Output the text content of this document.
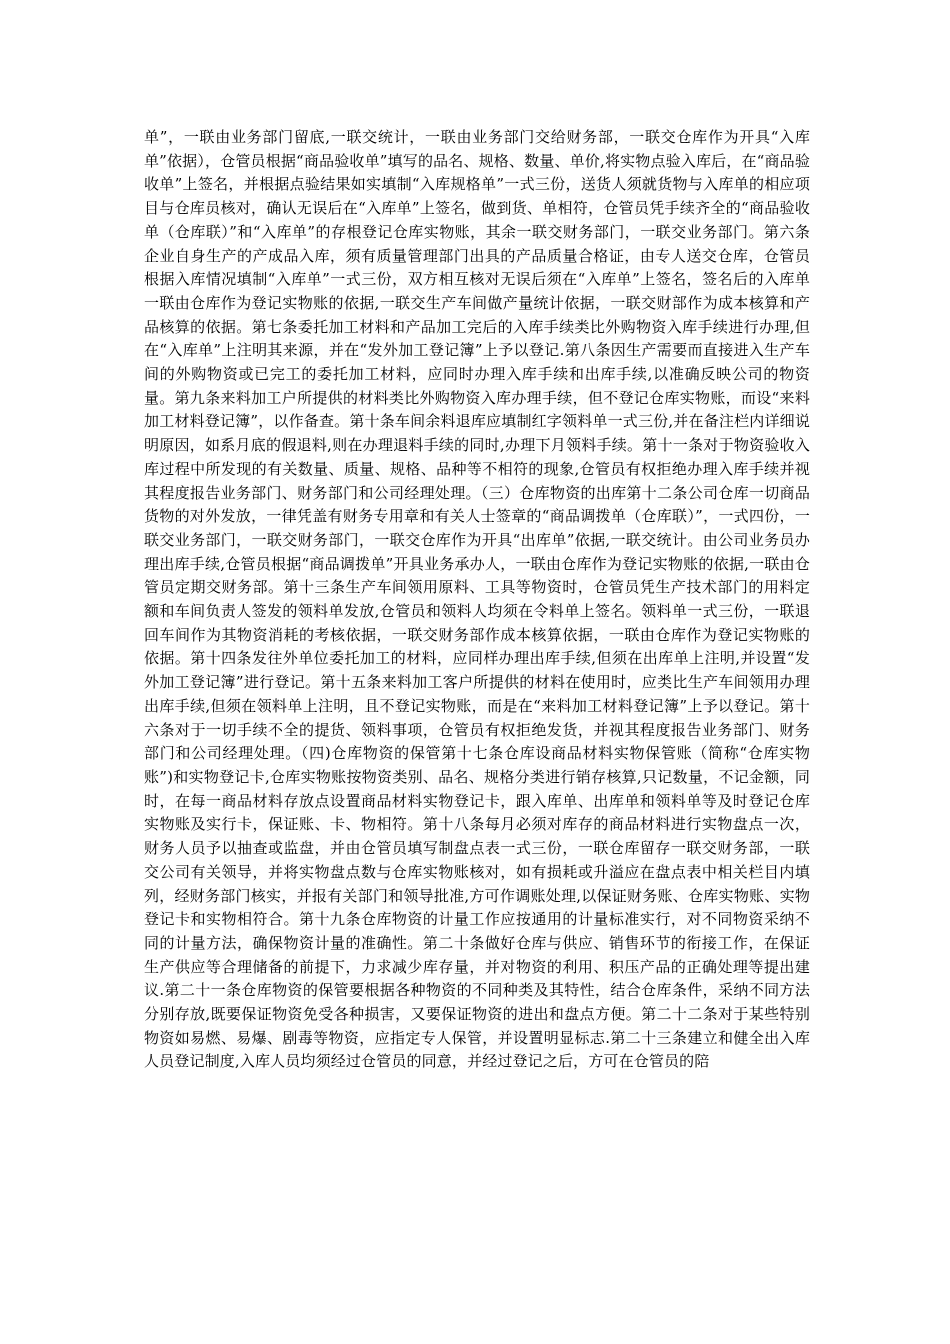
单”，一联由业务部门留底,一联交统计，一联由业务部门交给财务部，一联交仓库作为开具“入库单”依据），仓管员根据“商品验收单”填写的品名、规格、数量、单价,将实物点验入库后，在“商品验收单”上签名，并根据点验结果如实填制“入库规格单”一式三份，送货人须就货物与入库单的相应项目与仓库员核对，确认无误后在“入库单”上签名，做到货、单相符，仓管员凭手续齐全的“商品验收单（仓库联）”和“入库单”的存根登记仓库实物账，其余一联交财务部门，一联交业务部门。第六条企业自身生产的产成品入库，须有质量管理部门出具的产品质量合格证，由专人送交仓库，仓管员根据入库情况填制“入库单”一式三份，双方相互核对无误后须在“入库单”上签名，签名后的入库单一联由仓库作为登记实物账的依据,一联交生产车间做产量统计依据，一联交财部作为成本核算和产品核算的依据。第七条委托加工材料和产品加工完后的入库手续类比外购物资入库手续进行办理,但在“入库单”上注明其来源，并在“发外加工登记簿”上予以登记.第八条因生产需要而直接进入生产车间的外购物资或已完工的委托加工材料，应同时办理入库手续和出库手续,以准确反映公司的物资量。第九条来料加工户所提供的材料类比外购物资入库办理手续，但不登记仓库实物账，而设“来料加工材料登记簿”，以作备查。第十条车间余料退库应填制红字领料单一式三份,并在备注栏内详细说明原因，如系月底的假退料,则在办理退料手续的同时,办理下月领料手续。第十一条对于物资验收入库过程中所发现的有关数量、质量、规格、品种等不相符的现象,仓管员有权拒绝办理入库手续并视其程度报告业务部门、财务部门和公司经理处理。（三）仓库物资的出库第十二条公司仓库一切商品货物的对外发放，一律凭盖有财务专用章和有关人士签章的“商品调拨单（仓库联）”，一式四份，一联交业务部门，一联交财务部门，一联交仓库作为开具“出库单”依据,一联交统计。由公司业务员办理出库手续,仓管员根据“商品调拨单”开具业务承办人，一联由仓库作为登记实物账的依据,一联由仓管员定期交财务部。第十三条生产车间领用原料、工具等物资时，仓管员凭生产技术部门的用料定额和车间负责人签发的领料单发放,仓管员和领料人均须在令料单上签名。领料单一式三份，一联退回车间作为其物资消耗的考核依据，一联交财务部作成本核算依据，一联由仓库作为登记实物账的依据。第十四条发往外单位委托加工的材料，应同样办理出库手续,但须在出库单上注明,并设置“发外加工登记簿”进行登记。第十五条来料加工客户所提供的材料在使用时，应类比生产车间领用办理出库手续,但须在领料单上注明，且不登记实物账，而是在“来料加工材料登记簿”上予以登记。第十六条对于一切手续不全的提货、领料事项，仓管员有权拒绝发货，并视其程度报告业务部门、财务部门和公司经理处理。（四)仓库物资的保管第十七条仓库设商品材料实物保管账（简称“仓库实物账”)和实物登记卡,仓库实物账按物资类别、品名、规格分类进行销存核算,只记数量，不记金额，同时，在每一商品材料存放点设置商品材料实物登记卡，跟入库单、出库单和领料单等及时登记仓库实物账及实行卡，保证账、卡、物相符。第十八条每月必须对库存的商品材料进行实物盘点一次，财务人员予以抽查或监盘，并由仓管员填写制盘点表一式三份，一联仓库留存一联交财务部，一联交公司有关领导，并将实物盘点数与仓库实物账核对，如有损耗或升溢应在盘点表中相关栏目内填列，经财务部门核实，并报有关部门和领导批准,方可作调账处理,以保证财务账、仓库实物账、实物登记卡和实物相符合。第十九条仓库物资的计量工作应按通用的计量标准实行，对不同物资采纳不同的计量方法，确保物资计量的准确性。第二十条做好仓库与供应、销售环节的衔接工作，在保证生产供应等合理储备的前提下，力求减少库存量，并对物资的利用、积压产品的正确处理等提出建议.第二十一条仓库物资的保管要根据各种物资的不同种类及其特性，结合仓库条件，采纳不同方法分别存放,既要保证物资免受各种损害，又要保证物资的进出和盘点方便。第二十二条对于某些特别物资如易燃、易爆、剧毒等物资，应指定专人保管，并设置明显标志.第二十三条建立和健全出入库人员登记制度,入库人员均须经过仓管员的同意，并经过登记之后，方可在仓管员的陪
